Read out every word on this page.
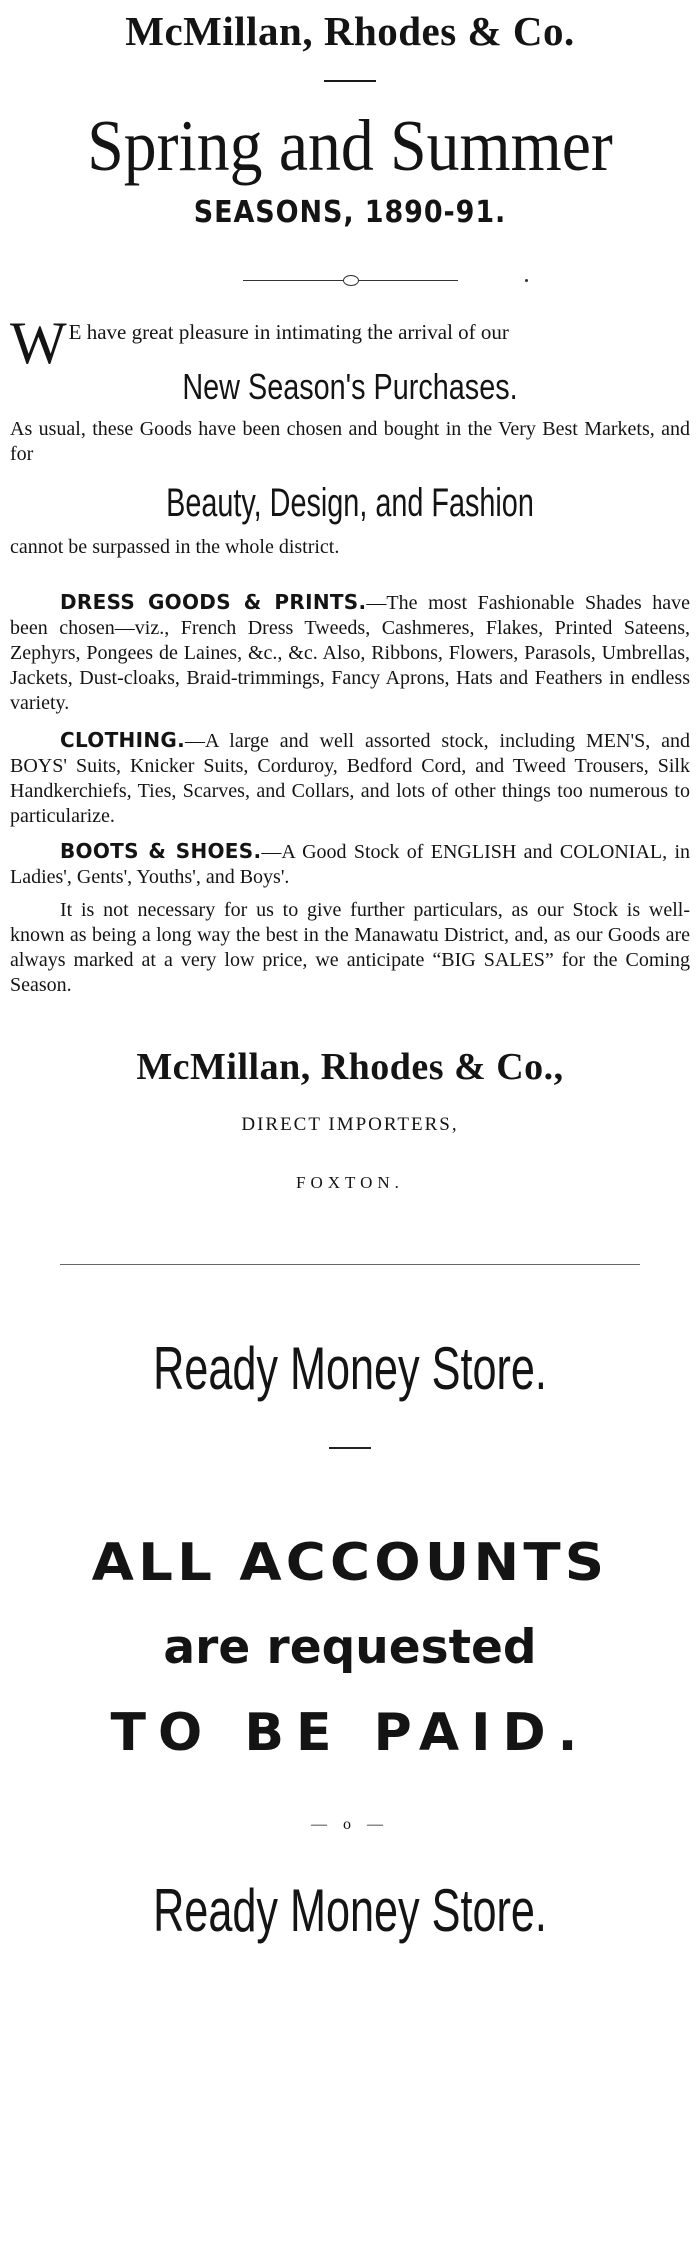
McMillan, Rhodes & Co.
Spring and Summer
SEASONS, 1890-91.
W E have great pleasure in intimating the arrival of our
New Season's Purchases.
As usual, these Goods have been chosen and bought in the Very Best Markets, and for
Beauty, Design, and Fashion
cannot be surpassed in the whole district.
DRESS GOODS & PRINTS.—The most Fashionable Shades have been chosen—viz., French Dress Tweeds, Cashmeres, Flakes, Printed Sateens, Zephyrs, Pongees de Laines, &c., &c. Also, Ribbons, Flowers, Parasols, Umbrellas, Jackets, Dust-cloaks, Braid-trimmings, Fancy Aprons, Hats and Feathers in endless variety.
CLOTHING.—A large and well assorted stock, including MEN'S, and BOYS' Suits, Knicker Suits, Corduroy, Bedford Cord, and Tweed Trousers, Silk Handkerchiefs, Ties, Scarves, and Collars, and lots of other things too numerous to particularize.
BOOTS & SHOES.—A Good Stock of ENGLISH and COLONIAL, in Ladies', Gents', Youths', and Boys'.
It is not necessary for us to give further particulars, as our Stock is well-known as being a long way the best in the Manawatu District, and, as our Goods are always marked at a very low price, we anticipate “BIG SALES” for the Coming Season.
McMillan, Rhodes & Co.,
DIRECT IMPORTERS,
FOXTON.
Ready Money Store.
ALL ACCOUNTS
are requested
TO BE PAID.
— o —
Ready Money Store.
